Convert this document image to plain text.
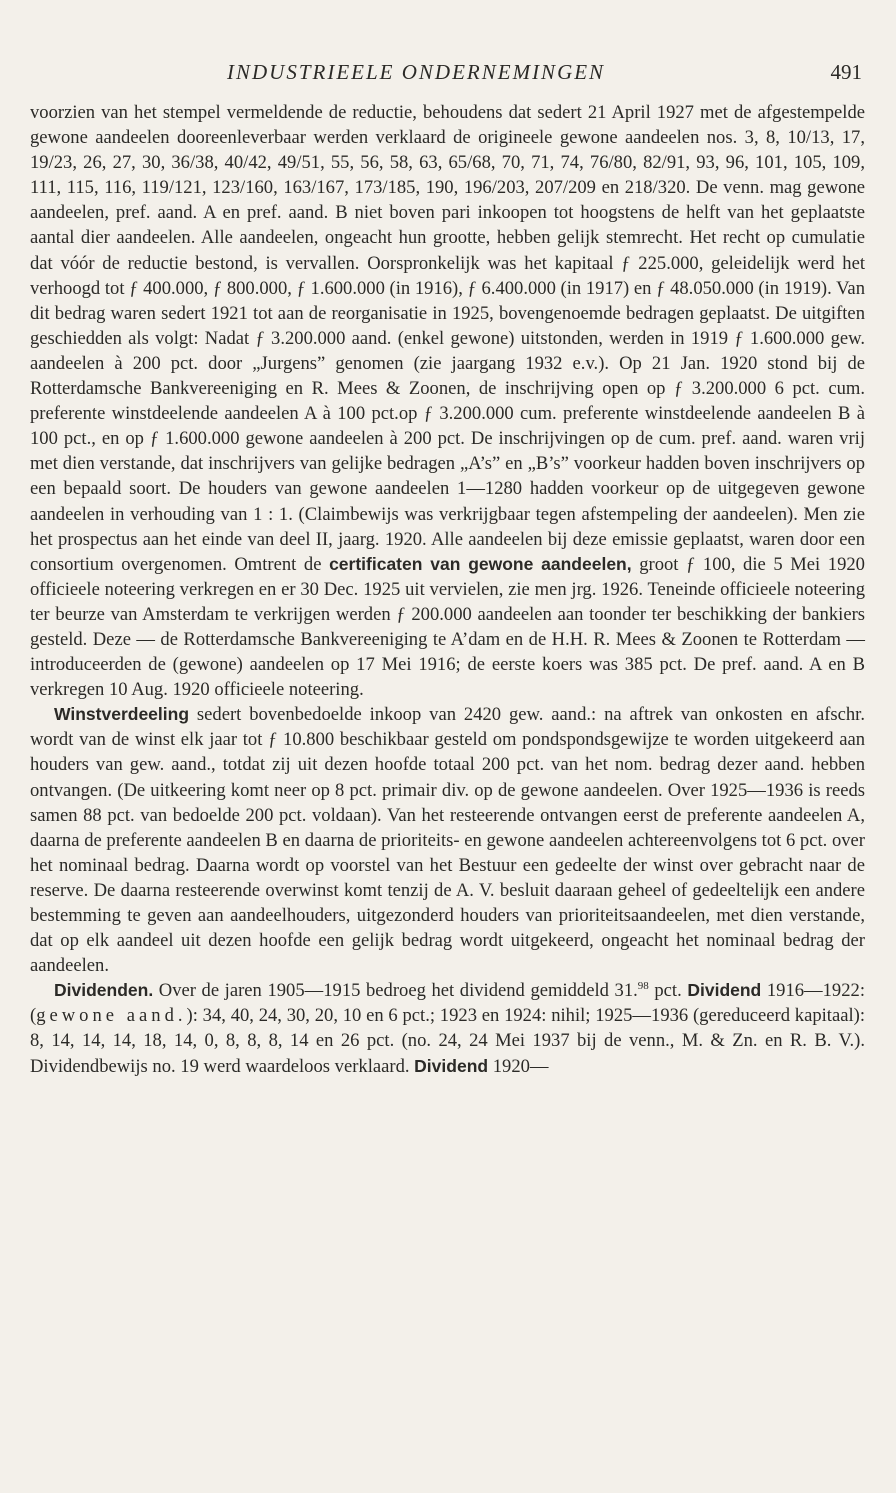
INDUSTRIEELE ONDERNEMINGEN	491

voorzien van het stempel vermeldende de reductie, behoudens dat sedert 21 April 1927 met de afgestempelde gewone aandeelen dooreenleverbaar werden verklaard de origineele gewone aandeelen nos. 3, 8, 10/13, 17, 19/23, 26, 27, 30, 36/38, 40/42, 49/51, 55, 56, 58, 63, 65/68, 70, 71, 74, 76/80, 82/91, 93, 96, 101, 105, 109, 111, 115, 116, 119/121, 123/160, 163/167, 173/185, 190, 196/203, 207/209 en 218/320. De venn. mag gewone aandeelen, pref. aand. A en pref. aand. B niet boven pari inkoopen tot hoogstens de helft van het geplaatste aantal dier aandeelen. Alle aandeelen, ongeacht hun grootte, hebben gelijk stemrecht. Het recht op cumulatie dat vóór de reductie bestond, is vervallen. Oorspronkelijk was het kapitaal ƒ 225.000, geleidelijk werd het verhoogd tot ƒ 400.000, ƒ 800.000, ƒ 1.600.000 (in 1916), ƒ 6.400.000 (in 1917) en ƒ 48.050.000 (in 1919). Van dit bedrag waren sedert 1921 tot aan de reorganisatie in 1925, bovengenoemde bedragen geplaatst. De uitgiften geschiedden als volgt: Nadat ƒ 3.200.000 aand. (enkel gewone) uitstonden, werden in 1919 ƒ 1.600.000 gew. aandeelen à 200 pct. door „Jurgens” genomen (zie jaargang 1932 e.v.). Op 21 Jan. 1920 stond bij de Rotterdamsche Bankvereeniging en R. Mees & Zoonen, de inschrijving open op ƒ 3.200.000 6 pct. cum. preferente winstdeelende aandeelen A à 100 pct.op ƒ 3.200.000 cum. preferente winstdeelende aandeelen B à 100 pct., en op ƒ 1.600.000 gewone aandeelen à 200 pct. De inschrijvingen op de cum. pref. aand. waren vrij met dien verstande, dat inschrijvers van gelijke bedragen „A’s” en „B’s” voorkeur hadden boven inschrijvers op een bepaald soort. De houders van gewone aandeelen 1—1280 hadden voorkeur op de uitgegeven gewone aandeelen in verhouding van 1 : 1. (Claimbewijs was verkrijgbaar tegen afstempeling der aandeelen). Men zie het prospectus aan het einde van deel II, jaarg. 1920. Alle aandeelen bij deze emissie geplaatst, waren door een consortium overgenomen. Omtrent de certificaten van gewone aandeelen, groot ƒ 100, die 5 Mei 1920 officieele noteering verkregen en er 30 Dec. 1925 uit vervielen, zie men jrg. 1926. Teneinde officieele noteering ter beurze van Amsterdam te verkrijgen werden ƒ 200.000 aandeelen aan toonder ter beschikking der bankiers gesteld. Deze — de Rotterdamsche Bankvereeniging te A’dam en de H.H. R. Mees & Zoonen te Rotterdam — introduceerden de (gewone) aandeelen op 17 Mei 1916; de eerste koers was 385 pct. De pref. aand. A en B verkregen 10 Aug. 1920 officieele noteering.

Winstverdeeling sedert bovenbedoelde inkoop van 2420 gew. aand.: na aftrek van onkosten en afschr. wordt van de winst elk jaar tot ƒ 10.800 beschikbaar gesteld om pondspondsgewijze te worden uitgekeerd aan houders van gew. aand., totdat zij uit dezen hoofde totaal 200 pct. van het nom. bedrag dezer aand. hebben ontvangen. (De uitkeering komt neer op 8 pct. primair div. op de gewone aandeelen. Over 1925—1936 is reeds samen 88 pct. van bedoelde 200 pct. voldaan). Van het resteerende ontvangen eerst de preferente aandeelen A, daarna de preferente aandeelen B en daarna de prioriteits- en gewone aandeelen achtereenvolgens tot 6 pct. over het nominaal bedrag. Daarna wordt op voorstel van het Bestuur een gedeelte der winst over gebracht naar de reserve. De daarna resteerende overwinst komt tenzij de A. V. besluit daaraan geheel of gedeeltelijk een andere bestemming te geven aan aandeelhouders, uitgezonderd houders van prioriteitsaandeelen, met dien verstande, dat op elk aandeel uit dezen hoofde een gelijk bedrag wordt uitgekeerd, ongeacht het nominaal bedrag der aandeelen.

Dividenden. Over de jaren 1905—1915 bedroeg het dividend gemiddeld 31.98 pct. Dividend 1916—1922: (gewone aand.): 34, 40, 24, 30, 20, 10 en 6 pct.; 1923 en 1924: nihil; 1925—1936 (gereduceerd kapitaal): 8, 14, 14, 14, 18, 14, 0, 8, 8, 8, 14 en 26 pct. (no. 24, 24 Mei 1937 bij de venn., M. & Zn. en R. B. V.). Dividendbewijs no. 19 werd waardeloos verklaard. Dividend 1920—
